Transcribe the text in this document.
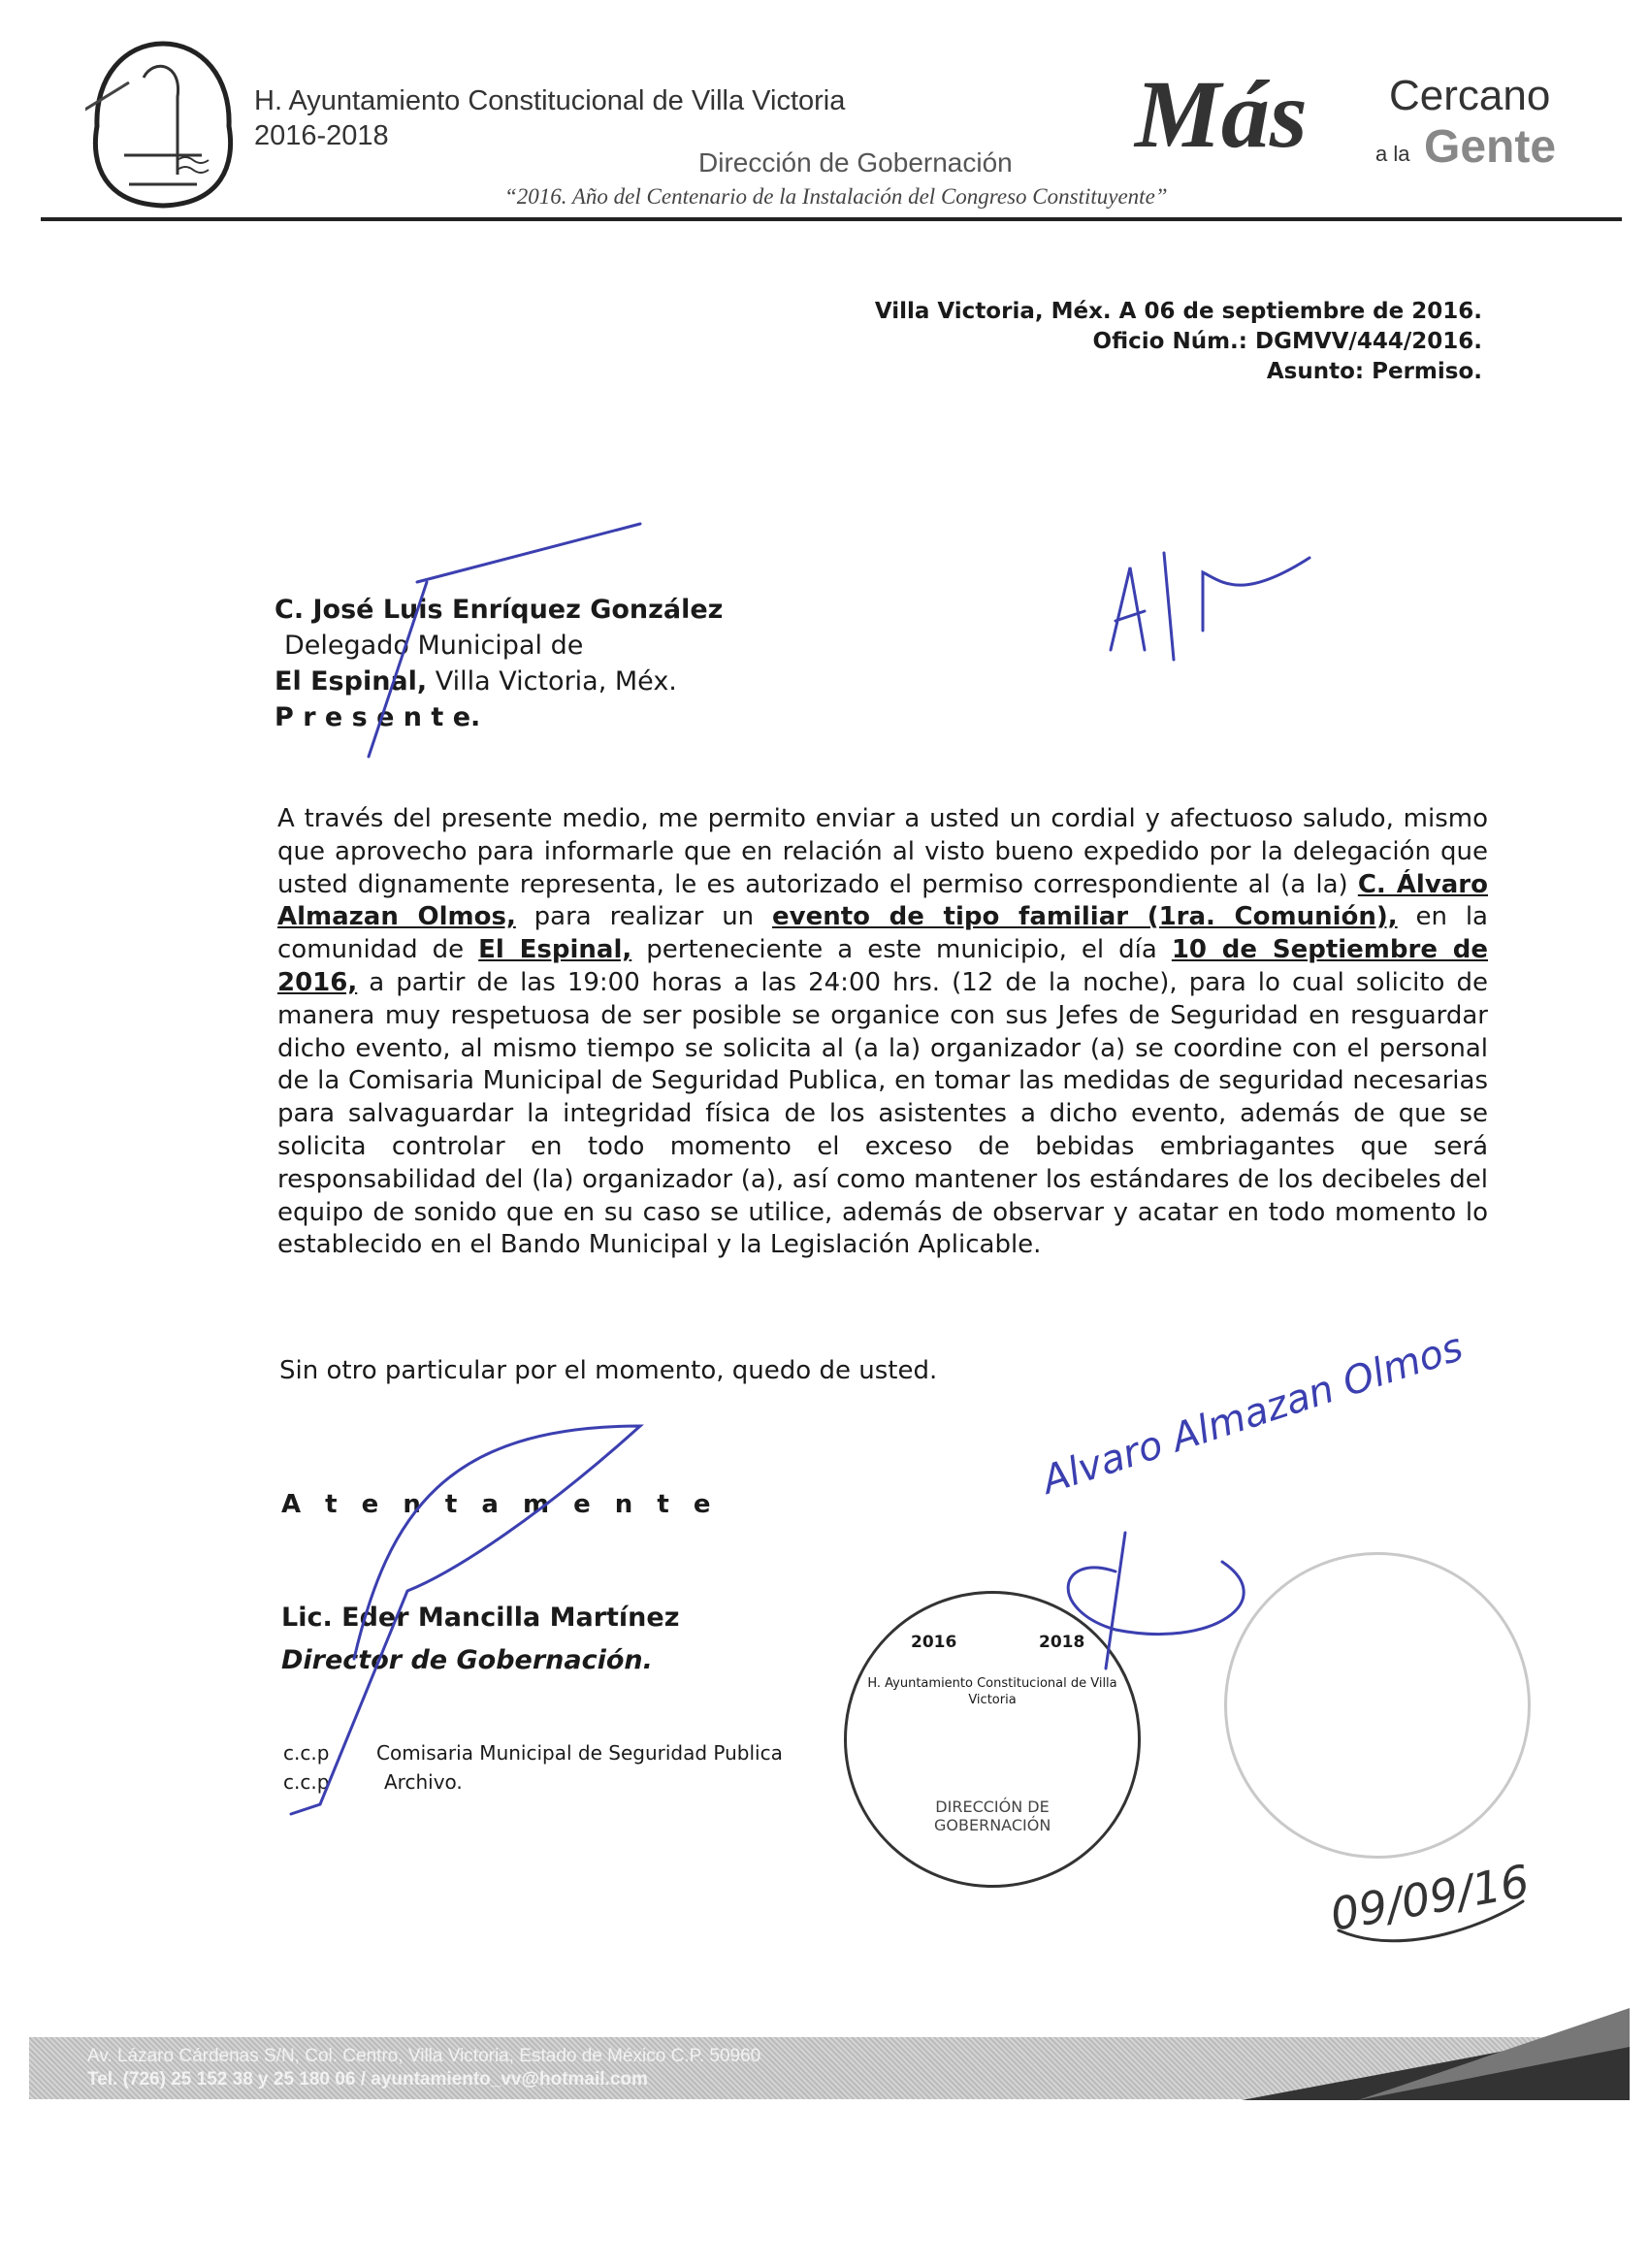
H. Ayuntamiento Constitucional de Villa Victoria
2016-2018
Dirección de Gobernación
“2016. Año del Centenario de la Instalación del Congreso Constituyente”
Más Cercano
a la Gente
Villa Victoria, Méx. A 06 de septiembre de 2016.
Oficio Núm.: DGMVV/444/2016.
Asunto: Permiso.
C. José Luis Enríquez González
Delegado Municipal de
El Espinal, Villa Victoria, Méx.
P r e s e n t e.
A través del presente medio, me permito enviar a usted un cordial y afectuoso saludo, mismo que aprovecho para informarle que en relación al visto bueno expedido por la delegación que usted dignamente representa, le es autorizado el permiso correspondiente al (a la) C. Álvaro Almazan Olmos, para realizar un evento de tipo familiar (1ra. Comunión), en la comunidad de El Espinal, perteneciente a este municipio, el día 10 de Septiembre de 2016, a partir de las 19:00 horas a las 24:00 hrs. (12 de la noche), para lo cual solicito de manera muy respetuosa de ser posible se organice con sus Jefes de Seguridad en resguardar dicho evento, al mismo tiempo se solicita al (a la) organizador (a) se coordine con el personal de la Comisaria Municipal de Seguridad Publica, en tomar las medidas de seguridad necesarias para salvaguardar la integridad física de los asistentes a dicho evento, además de que se solicita controlar en todo momento el exceso de bebidas embriagantes que será responsabilidad del (la) organizador (a), así como mantener los estándares de los decibeles del equipo de sonido que en su caso se utilice, además de observar y acatar en todo momento lo establecido en el Bando Municipal y la Legislación Aplicable.
Sin otro particular por el momento, quedo de usted.
A t e n t a m e n t e
Lic. Eder Mancilla Martínez
Director de Gobernación.
c.c.p Comisaria Municipal de Seguridad Publica
c.c.p	Archivo.
2016	2018
H. Ayuntamiento Constitucional de Villa Victoria
DIRECCIÓN DE GOBERNACIÓN
Alvaro Almazan Olmos
09/09/16
Av. Lázaro Cárdenas S/N, Col. Centro, Villa Victoria, Estado de México C.P. 50960
Tel. (726) 25 152 38 y 25 180 06 / ayuntamiento_vv@hotmail.com
